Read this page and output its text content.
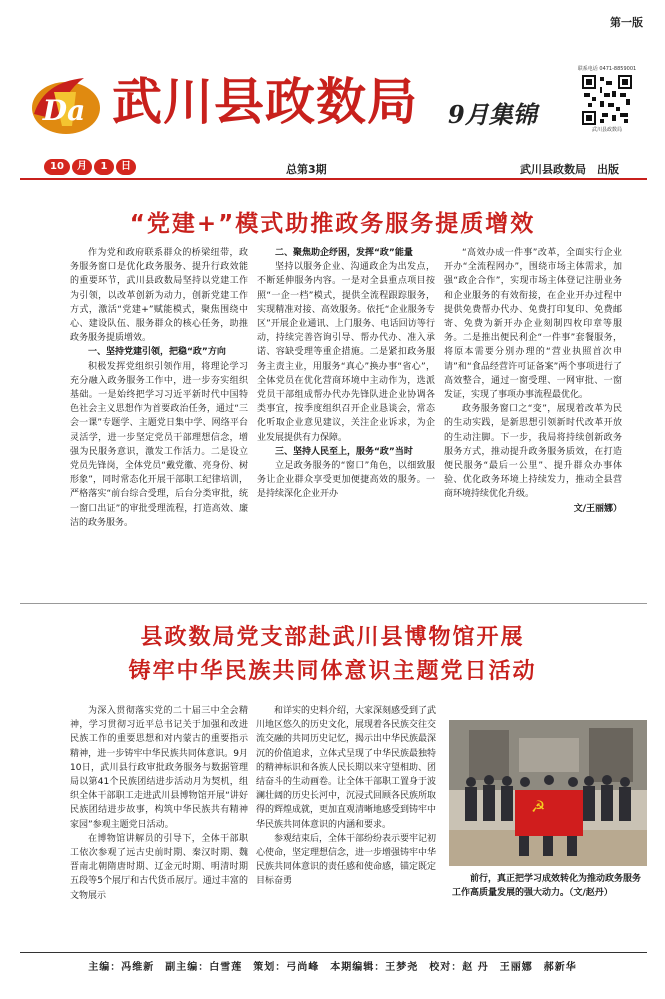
第一版
Da 武川县政数局 9月集锦
联系电话 0471-8859001
武川县政数局
10	月	1	日	总第3期	武川县政数局　出版
“党建+”模式助推政务服务提质增效

作为党和政府联系群众的桥梁纽带，政务服务窗口是优化政务服务、提升行政效能的重要环节，武川县政数局坚持以党建工作为引领，以改革创新为动力，创新党建工作方式，激活“党建+”赋能模式，聚焦围绕中心、建设队伍、服务群众的核心任务，助推政务服务提质增效。

一、坚持党建引领，把稳“政”方向

积极发挥党组织引领作用，将理论学习充分融入政务服务工作中，进一步夯实组织基础。一是始终把学习习近平新时代中国特色社会主义思想作为首要政治任务，通过“三会一课”专题学、主题党日集中学、网络平台灵活学，进一步坚定党员干部理想信念，增强为民服务意识，激发工作活力。二是设立党员先锋岗，全体党员“戴党徽、亮身份、树形象”，同时常态化开展干部职工纪律培训，严格落实“前台综合受理，后台分类审批，统一窗口出证”的审批受理流程，打造高效、廉洁的政务服务。

二、聚焦助企纾困，发挥“政”能量

坚持以服务企业、沟通政企为出发点，不断延伸服务内容。一是对全县重点项目按照“一企一档”模式，提供全流程跟踪服务，实现精准对接、高效服务。依托“企业服务专区”开展企业通讯、上门服务、电话回访等行动，持续完善咨询引导、帮办代办、准入承诺、容缺受理等重企措施。二是紧扣政务服务主责主业，用服务“真心”换办事“省心”，全体党员在优化营商环境中主动作为，选派党员干部组成帮办代办先锋队进企业协调各类事宜，按季度组织召开企业恳谈会，常态化听取企业意见建议，关注企业诉求，为企业发展提供有力保障。

三、坚持人民至上，服务“政”当时

立足政务服务的“窗口”角色，以细致服务让企业群众享受更加便捷高效的服务。一是持续深化企业开办

“高效办成一件事”改革，全面实行企业开办“全流程网办”，围绕市场主体需求，加强“政企合作”，实现市场主体登记注册业务和企业服务的有效衔接，在企业开办过程中提供免费帮办代办、免费打印复印、免费邮寄、免费为新开办企业刻制四枚印章等服务。二是推出便民利企“一件事”套餐服务，将原本需要分别办理的“营业执照首次申请”和“食品经营许可证备案”两个事项进行了高效整合，通过一窗受理、一网审批、一窗发证，实现了事项办事流程最优化。

政务服务窗口之“变”，展现着改革为民的生动实践，是新思想引领新时代改革开放的生动注脚。下一步，我局将持续创新政务服务方式，推动提升政务服务质效，在打造便民服务“最后一公里”、提升群众办事体验、优化政务环境上持续发力，推动全县营商环境持续优化升级。

文/王丽娜）

县政数局党支部赴武川县博物馆开展
铸牢中华民族共同体意识主题党日活动

为深入贯彻落实党的二十届三中全会精神，学习贯彻习近平总书记关于加强和改进民族工作的重要思想和对内蒙古的重要指示精神，进一步铸牢中华民族共同体意识。9月10日，武川县行政审批政务服务与数据管理局以第41个民族团结进步活动月为契机，组织全体干部职工走进武川县博物馆开展“讲好民族团结进步故事，构筑中华民族共有精神家园”参观主题党日活动。

在博物馆讲解员的引导下，全体干部职工依次参观了远古史前时期、秦汉时期、魏晋南北朝隋唐时期、辽金元时期、明清时期五段等5个展厅和古代货币展厅。通过丰富的文物展示

和详实的史料介绍，大家深刻感受到了武川地区悠久的历史文化，展现着各民族交往交流交融的共同历史记忆，揭示出中华民族最深沉的价值追求，立体式呈现了中华民族最独特的精神标识和各族人民长期以来守望相助、团结奋斗的生动画卷。让全体干部职工置身于波澜壮阔的历史长河中，沉浸式回顾各民族所取得的辉煌成就，更加直观清晰地感受到铸牢中华民族共同体意识的内涵和要求。

参观结束后，全体干部纷纷表示要牢记初心使命，坚定理想信念，进一步增强铸牢中华民族共同体意识的责任感和使命感，锚定既定目标奋勇

☭
前行，真正把学习成效转化为推动政务服务工作高质量发展的强大动力。（文/赵丹）
主编：冯维新　副主编：白雪莲　策划：弓尚峰　本期编辑：王梦尧　校对：赵 丹　王丽娜　郝新华
